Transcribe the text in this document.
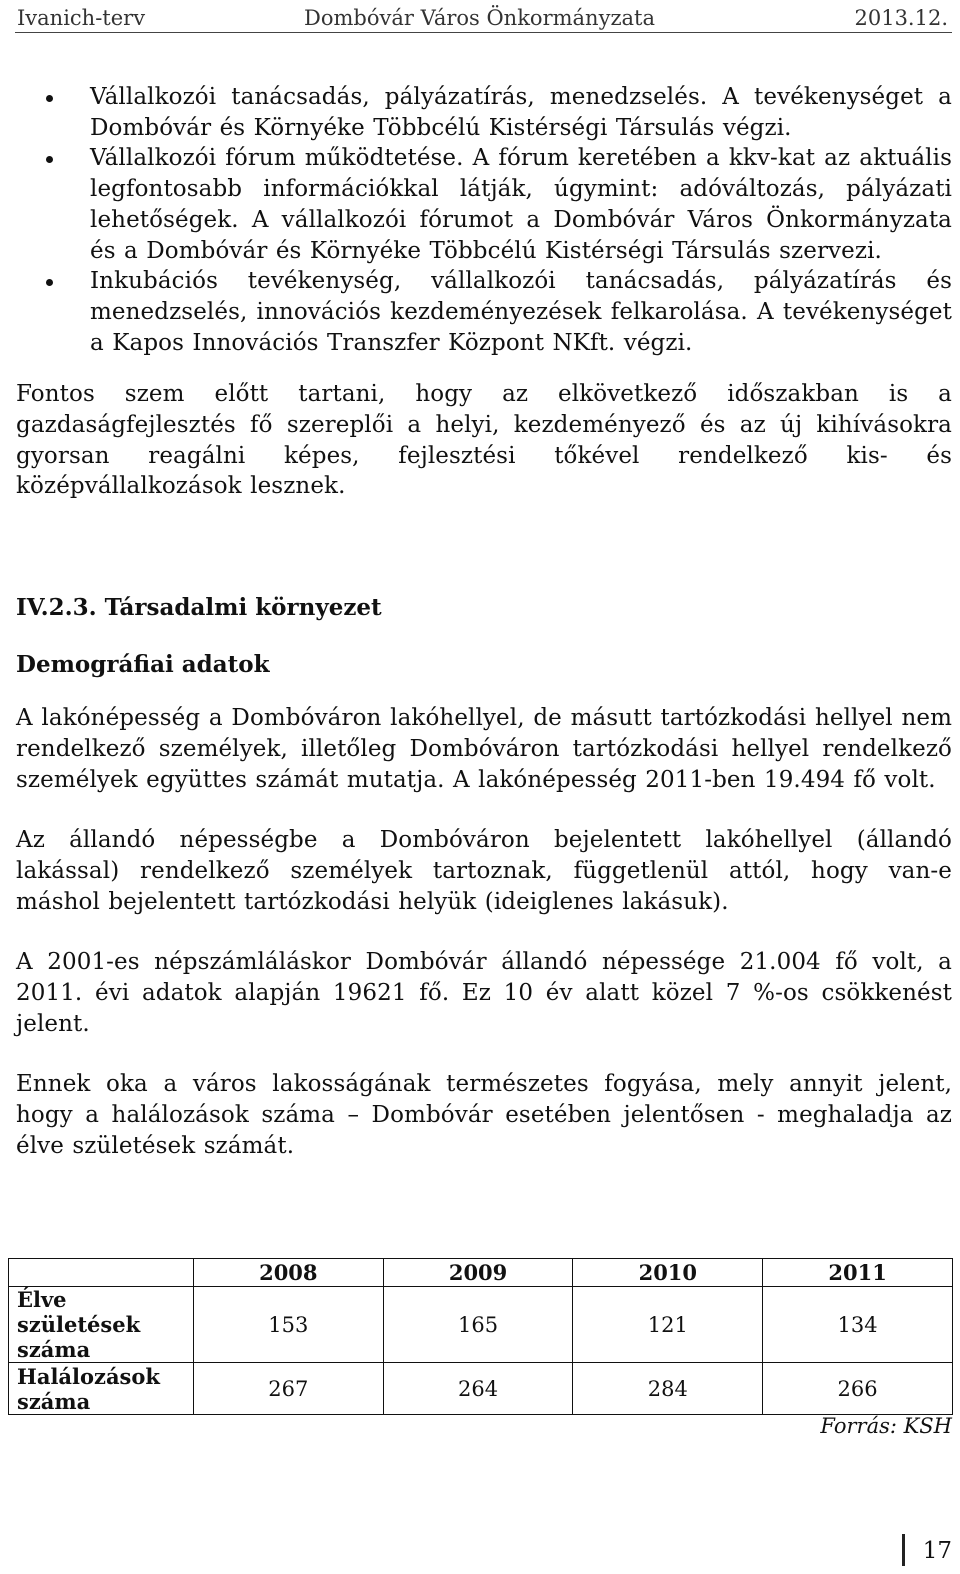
Ivanich-terv	Dombóvár Város Önkormányzata	2013.12.

Vállalkozói tanácsadás, pályázatírás, menedzselés. A tevékenységet a Dombóvár és Környéke Többcélú Kistérségi Társulás végzi.

Vállalkozói fórum működtetése. A fórum keretében a kkv-kat az aktuális legfontosabb információkkal látják, úgymint: adóváltozás, pályázati lehetőségek. A vállalkozói fórumot a Dombóvár Város Önkormányzata és a Dombóvár és Környéke Többcélú Kistérségi Társulás szervezi.

Inkubációs tevékenység, vállalkozói tanácsadás, pályázatírás és menedzselés, innovációs kezdeményezések felkarolása. A tevékenységet a Kapos Innovációs Transzfer Központ NKft. végzi.

Fontos szem előtt tartani, hogy az elkövetkező időszakban is a gazdaságfejlesztés fő szereplői a helyi, kezdeményező és az új kihívásokra gyorsan reagálni képes, fejlesztési tőkével rendelkező kis- és középvállalkozások lesznek.

IV.2.3. Társadalmi környezet

Demográfiai adatok

A lakónépesség a Dombóváron lakóhellyel, de másutt tartózkodási hellyel nem rendelkező személyek, illetőleg Dombóváron tartózkodási hellyel rendelkező személyek együttes számát mutatja. A lakónépesség 2011-ben 19.494 fő volt.

Az állandó népességbe a Dombóváron bejelentett lakóhellyel (állandó lakással) rendelkező személyek tartoznak, függetlenül attól, hogy van-e máshol bejelentett tartózkodási helyük (ideiglenes lakásuk).

A 2001-es népszámláláskor Dombóvár állandó népessége 21.004 fő volt, a 2011. évi adatok alapján 19621 fő. Ez 10 év alatt közel 7 %-os csökkenést jelent.

Ennek oka a város lakosságának természetes fogyása, mely annyit jelent, hogy a halálozások száma – Dombóvár esetében jelentősen - meghaladja az élve születések számát.

	2008	2009	2010	2011
Élve születések száma	153	165	121	134
Halálozások száma	267	264	284	266
Forrás: KSH
17
